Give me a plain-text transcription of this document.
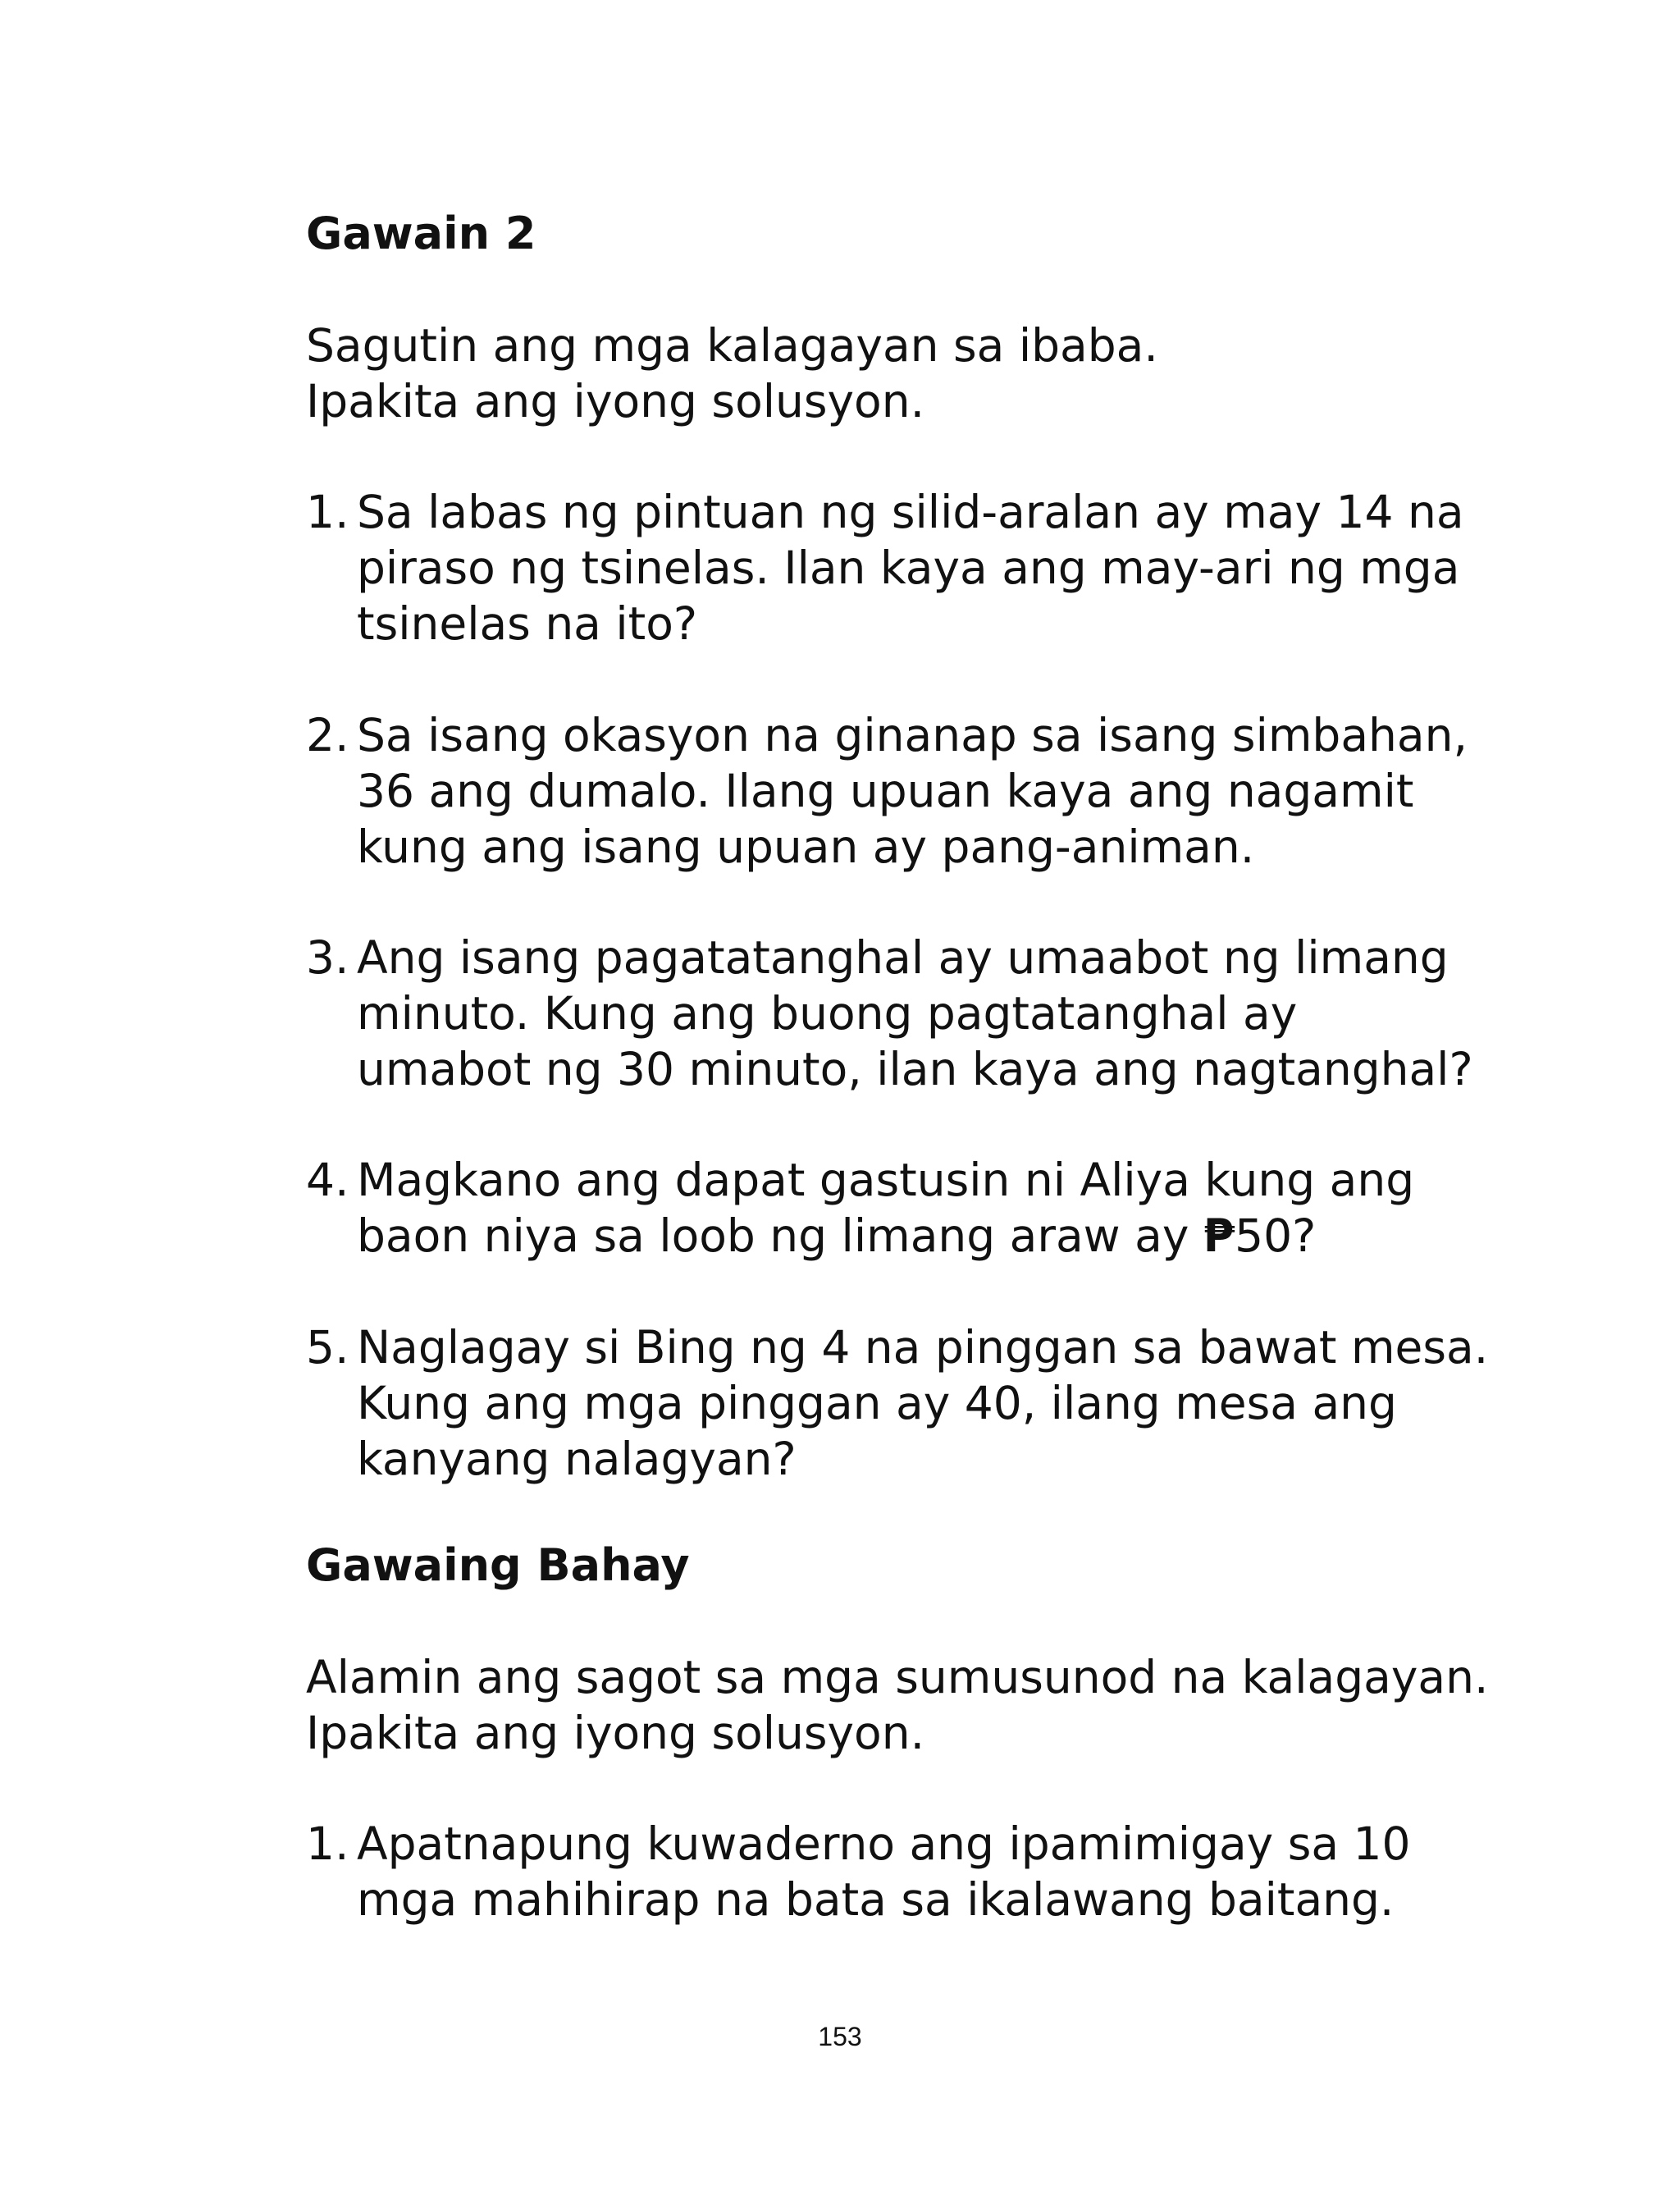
Gawain 2

Sagutin ang mga kalagayan sa ibaba.
Ipakita ang iyong solusyon.

1. Sa labas ng pintuan ng silid-aralan ay may 14 na
piraso ng tsinelas. Ilan kaya ang may-ari ng mga
tsinelas na ito?
2. Sa isang okasyon na ginanap sa isang simbahan,
36 ang dumalo. Ilang upuan kaya ang nagamit
kung ang isang upuan ay pang-animan.
3. Ang isang pagatatanghal ay umaabot ng limang
minuto. Kung ang buong pagtatanghal ay
umabot ng 30 minuto, ilan kaya ang nagtanghal?
4. Magkano ang dapat gastusin ni Aliya kung ang
baon niya sa loob ng limang araw ay ₱50?
5. Naglagay si Bing ng 4 na pinggan sa bawat mesa.
Kung ang mga pinggan ay 40, ilang mesa ang
kanyang nalagyan?
Gawaing Bahay

Alamin ang sagot sa mga sumusunod na kalagayan.
Ipakita ang iyong solusyon.

1. Apatnapung kuwaderno ang ipamimigay sa 10
mga mahihirap na bata sa ikalawang baitang.
153
